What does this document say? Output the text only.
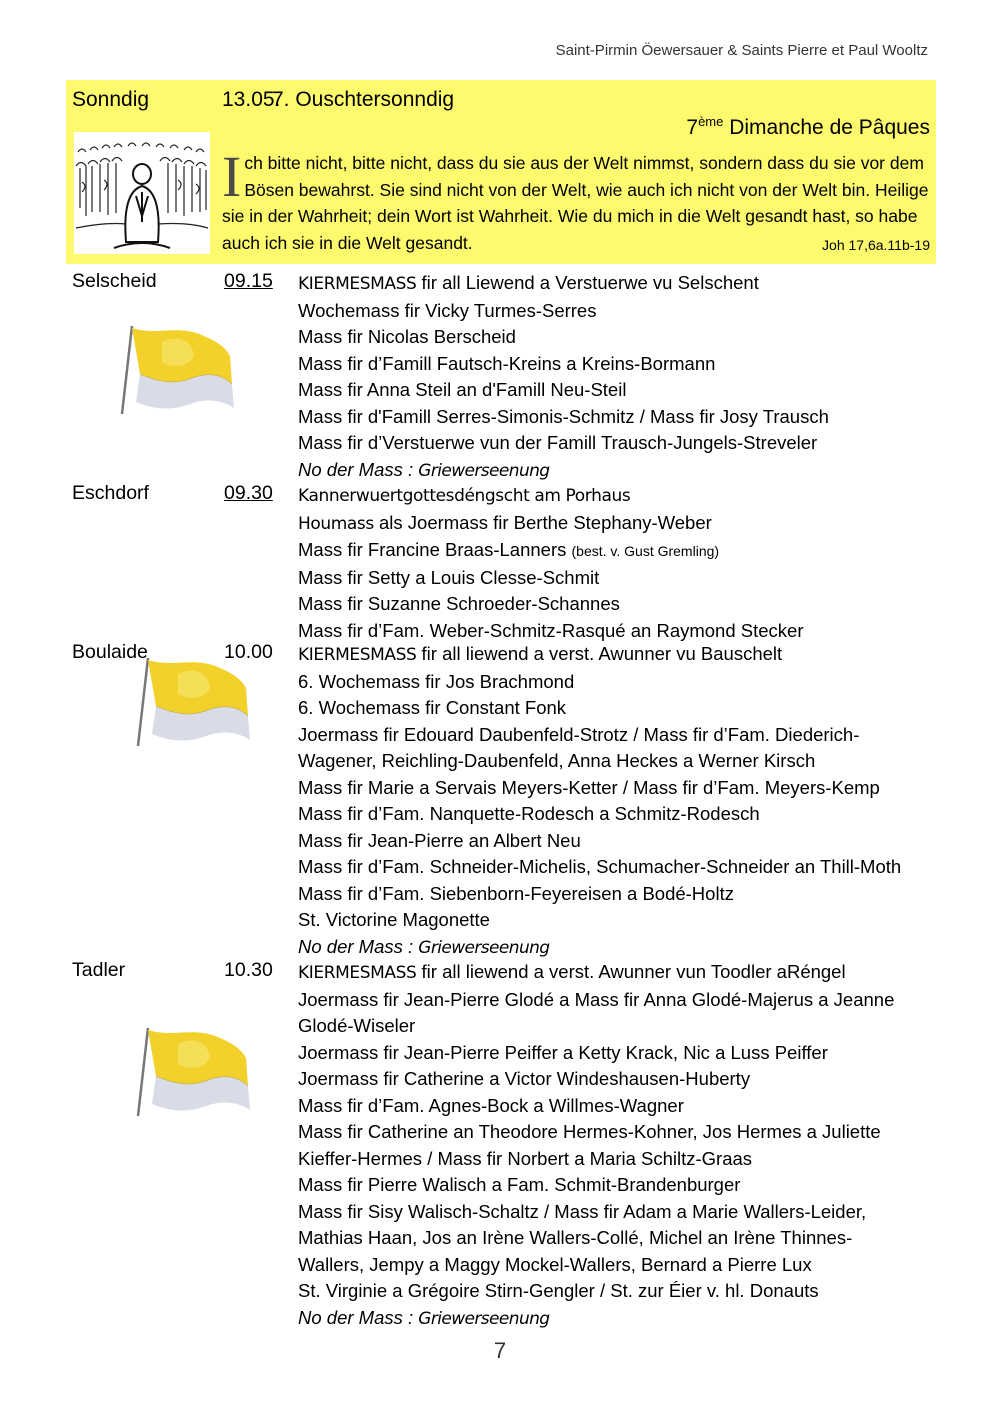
Saint-Pirmin Öewersauer & Saints Pierre et Paul Wooltz
Sonndig	13.05.
7. Ouschtersonndig
7ème Dimanche de Pâques

Ich bitte nicht, bitte nicht, dass du sie aus der Welt nimmst, sondern dass du sie vor dem Bösen bewahrst. Sie sind nicht von der Welt, wie auch ich nicht von der Welt bin. Heilige sie in der Wahrheit; dein Wort ist Wahrheit. Wie du mich in die Welt gesandt hast, so habe auch ich sie in die Welt gesandt.	Joh 17,6a.11b-19

Selscheid	09.15 KIERMESMASS fir all Liewend a Verstuerwe vu Selschent
Wochemass fir Vicky Turmes-Serres
Mass fir Nicolas Berscheid
Mass fir d’Famill Fautsch-Kreins a Kreins-Bormann
Mass fir Anna Steil an d'Famill Neu-Steil
Mass fir d'Famill Serres-Simonis-Schmitz / Mass fir Josy Trausch
Mass fir d’Verstuerwe vun der Famill Trausch-Jungels-Streveler
No der Mass : Griewerseenung
Eschdorf	09.30 Kannerwuertgottesdéngscht am Porhaus
Houmass als Joermass fir Berthe Stephany-Weber
Mass fir Francine Braas-Lanners (best. v. Gust Gremling)
Mass fir Setty a Louis Clesse-Schmit
Mass fir Suzanne Schroeder-Schannes
Mass fir d’Fam. Weber-Schmitz-Rasqué an Raymond Stecker
Boulaide	10.00 KIERMESMASS fir all liewend a verst. Awunner vu Bauschelt
6. Wochemass fir Jos Brachmond
6. Wochemass fir Constant Fonk
Joermass fir Edouard Daubenfeld-Strotz / Mass fir d’Fam. Diederich-
Wagener, Reichling-Daubenfeld, Anna Heckes a Werner Kirsch
Mass fir Marie a Servais Meyers-Ketter / Mass fir d’Fam. Meyers-Kemp
Mass fir d’Fam. Nanquette-Rodesch a Schmitz-Rodesch
Mass fir Jean-Pierre an Albert Neu
Mass fir d’Fam. Schneider-Michelis, Schumacher-Schneider an Thill-Moth
Mass fir d’Fam. Siebenborn-Feyereisen a Bodé-Holtz
St. Victorine Magonette
No der Mass : Griewerseenung
Tadler	10.30 KIERMESMASS fir all liewend a verst. Awunner vun Toodler aRéngel
Joermass fir Jean-Pierre Glodé a Mass fir Anna Glodé-Majerus a Jeanne
Glodé-Wiseler
Joermass fir Jean-Pierre Peiffer a Ketty Krack, Nic a Luss Peiffer
Joermass fir Catherine a Victor Windeshausen-Huberty
Mass fir d’Fam. Agnes-Bock a Willmes-Wagner
Mass fir Catherine an Theodore Hermes-Kohner, Jos Hermes a Juliette
Kieffer-Hermes / Mass fir Norbert a Maria Schiltz-Graas
Mass fir Pierre Walisch a Fam. Schmit-Brandenburger
Mass fir Sisy Walisch-Schaltz / Mass fir Adam a Marie Wallers-Leider,
Mathias Haan, Jos an Irène Wallers-Collé, Michel an Irène Thinnes-
Wallers, Jempy a Maggy Mockel-Wallers, Bernard a Pierre Lux
St. Virginie a Grégoire Stirn-Gengler / St. zur Éier v. hl. Donauts
No der Mass : Griewerseenung
7
